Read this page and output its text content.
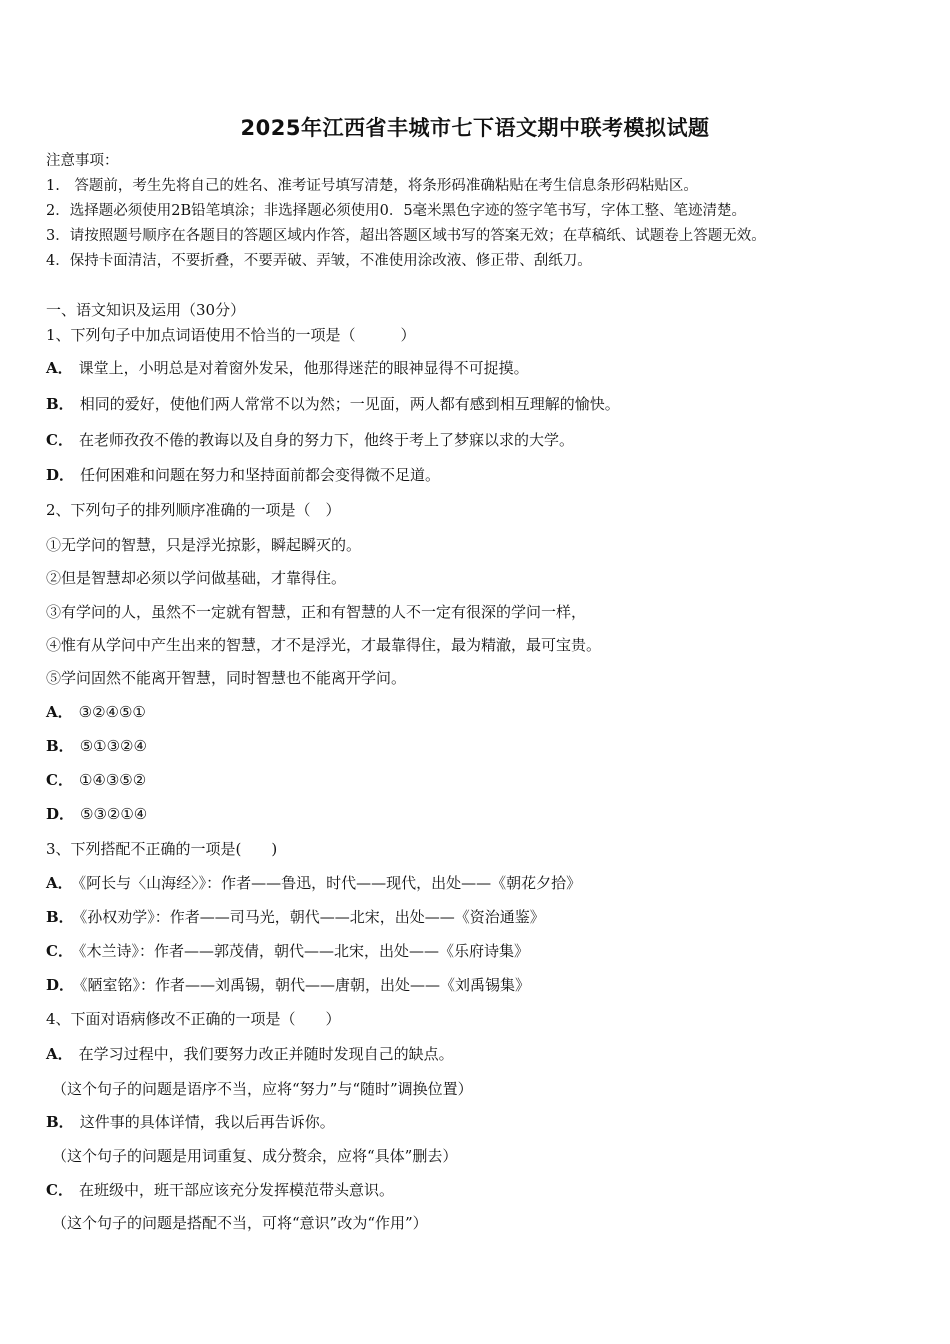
2025年江西省丰城市七下语文期中联考模拟试题
注意事项：
1.　答题前，考生先将自己的姓名、准考证号填写清楚，将条形码准确粘贴在考生信息条形码粘贴区。
2．选择题必须使用2B铅笔填涂；非选择题必须使用0．5毫米黑色字迹的签字笔书写，字体工整、笔迹清楚。
3．请按照题号顺序在各题目的答题区域内作答，超出答题区域书写的答案无效；在草稿纸、试题卷上答题无效。
4．保持卡面清洁，不要折叠，不要弄破、弄皱，不准使用涂改液、修正带、刮纸刀。
一、语文知识及运用（30分）
1、下列句子中加点词语使用不恰当的一项是（　　　）
A． 课堂上，小明总是对着窗外发呆，他那得迷茫的眼神显得不可捉摸。
B． 相同的爱好，使他们两人常常不以为然；一见面，两人都有感到相互理解的愉快。
C． 在老师孜孜不倦的教诲以及自身的努力下，他终于考上了梦寐以求的大学。
D． 任何困难和问题在努力和坚持面前都会变得微不足道。
2、下列句子的排列顺序准确的一项是（　）
①无学问的智慧，只是浮光掠影，瞬起瞬灭的。
②但是智慧却必须以学问做基础，才靠得住。
③有学问的人，虽然不一定就有智慧，正和有智慧的人不一定有很深的学问一样，
④惟有从学问中产生出来的智慧，才不是浮光，才最靠得住，最为精澈，最可宝贵。
⑤学问固然不能离开智慧，同时智慧也不能离开学问。
A． ③②④⑤①
B． ⑤①③②④
C． ①④③⑤②
D． ⑤③②①④
3、下列搭配不正确的一项是(　　)
A． 《阿长与〈山海经〉》：作者——鲁迅，时代——现代，出处——《朝花夕拾》
B． 《孙权劝学》：作者——司马光，朝代——北宋，出处——《资治通鉴》
C． 《木兰诗》：作者——郭茂倩，朝代——北宋，出处——《乐府诗集》
D． 《陋室铭》：作者——刘禹锡，朝代——唐朝，出处——《刘禹锡集》
4、下面对语病修改不正确的一项是（　　）
A． 在学习过程中，我们要努力改正并随时发现自己的缺点。
（这个句子的问题是语序不当，应将“努力”与“随时”调换位置）
B． 这件事的具体详情，我以后再告诉你。
（这个句子的问题是用词重复、成分赘余，应将“具体”删去）
C． 在班级中，班干部应该充分发挥模范带头意识。
（这个句子的问题是搭配不当，可将“意识”改为“作用”）
